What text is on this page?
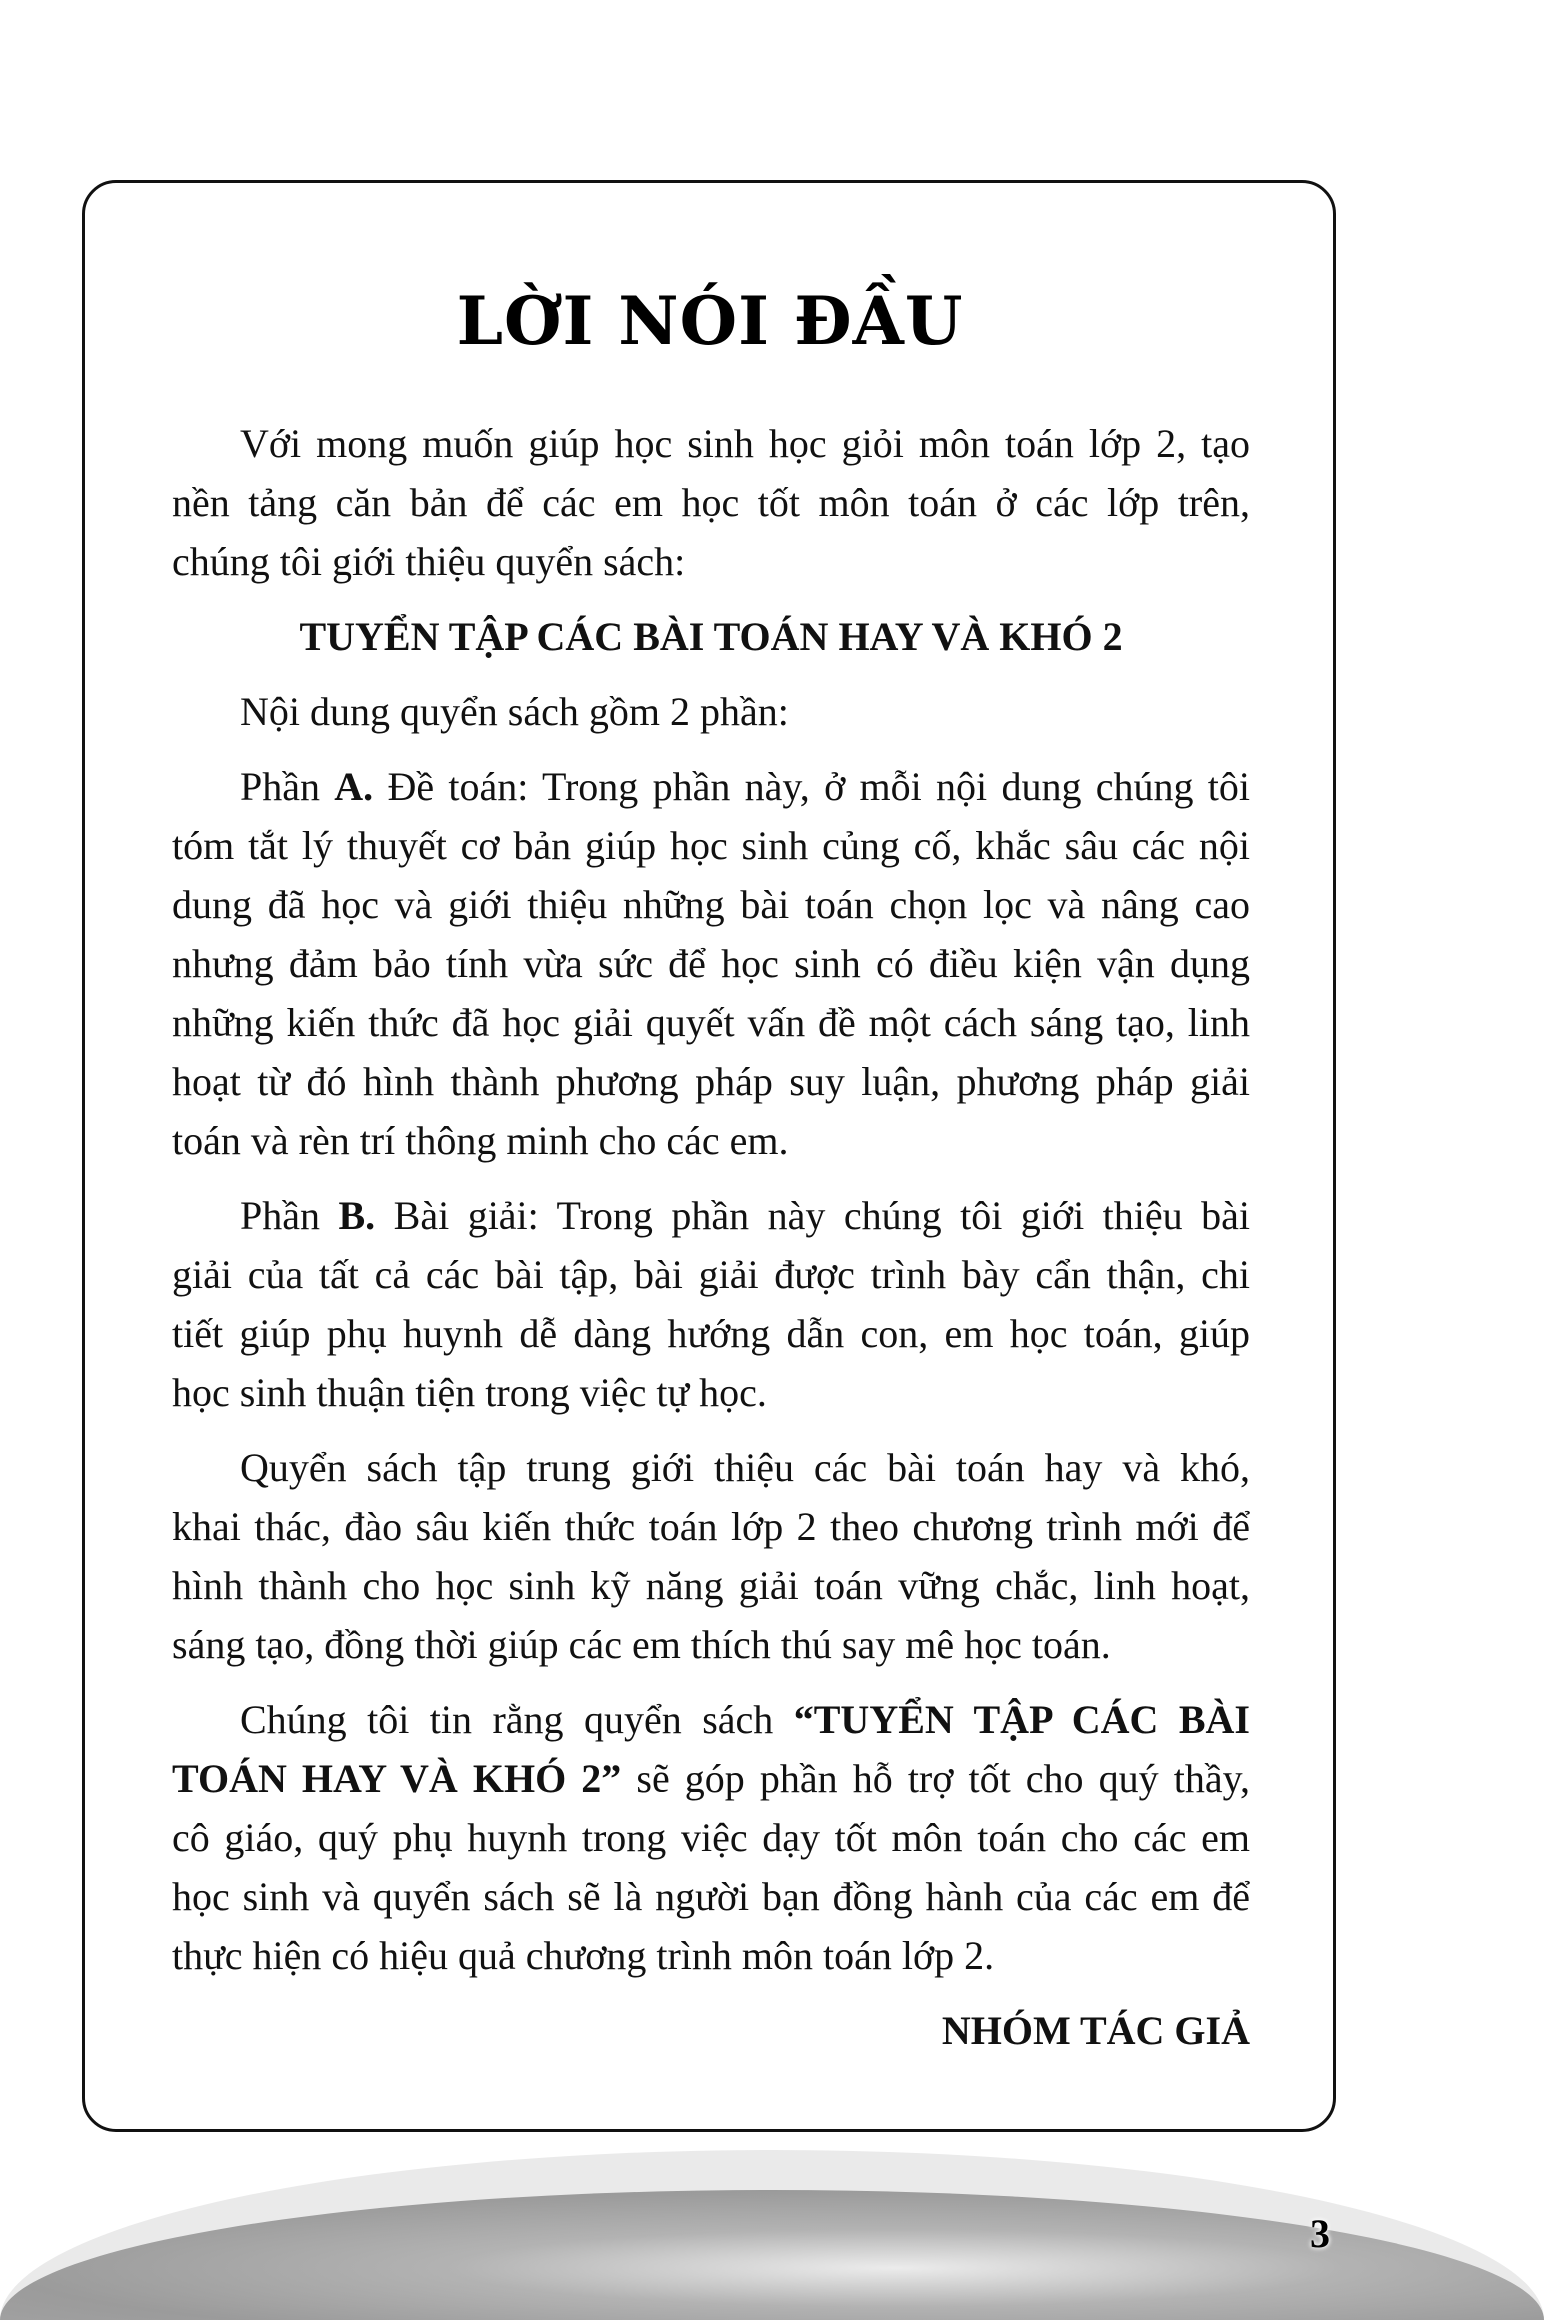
LỜI NÓI ĐẦU
Với mong muốn giúp học sinh học giỏi môn toán lớp 2, tạo
nền tảng căn bản để các em học tốt môn toán ở các lớp trên,
chúng tôi giới thiệu quyển sách:
TUYỂN TẬP CÁC BÀI TOÁN HAY VÀ KHÓ 2
Nội dung quyển sách gồm 2 phần:
Phần A. Đề toán: Trong phần này, ở mỗi nội dung chúng tôi
tóm tắt lý thuyết cơ bản giúp học sinh củng cố, khắc sâu các nội
dung đã học và giới thiệu những bài toán chọn lọc và nâng cao
nhưng đảm bảo tính vừa sức để học sinh có điều kiện vận dụng
những kiến thức đã học giải quyết vấn đề một cách sáng tạo, linh
hoạt từ đó hình thành phương pháp suy luận, phương pháp giải
toán và rèn trí thông minh cho các em.
Phần B. Bài giải: Trong phần này chúng tôi giới thiệu bài
giải của tất cả các bài tập, bài giải được trình bày cẩn thận, chi
tiết giúp phụ huynh dễ dàng hướng dẫn con, em học toán, giúp
học sinh thuận tiện trong việc tự học.
Quyển sách tập trung giới thiệu các bài toán hay và khó,
khai thác, đào sâu kiến thức toán lớp 2 theo chương trình mới để
hình thành cho học sinh kỹ năng giải toán vững chắc, linh hoạt,
sáng tạo, đồng thời giúp các em thích thú say mê học toán.
Chúng tôi tin rằng quyển sách “TUYỂN TẬP CÁC BÀI
TOÁN HAY VÀ KHÓ 2” sẽ góp phần hỗ trợ tốt cho quý thầy,
cô giáo, quý phụ huynh trong việc dạy tốt môn toán cho các em
học sinh và quyển sách sẽ là người bạn đồng hành của các em để
thực hiện có hiệu quả chương trình môn toán lớp 2.
NHÓM TÁC GIẢ
3
